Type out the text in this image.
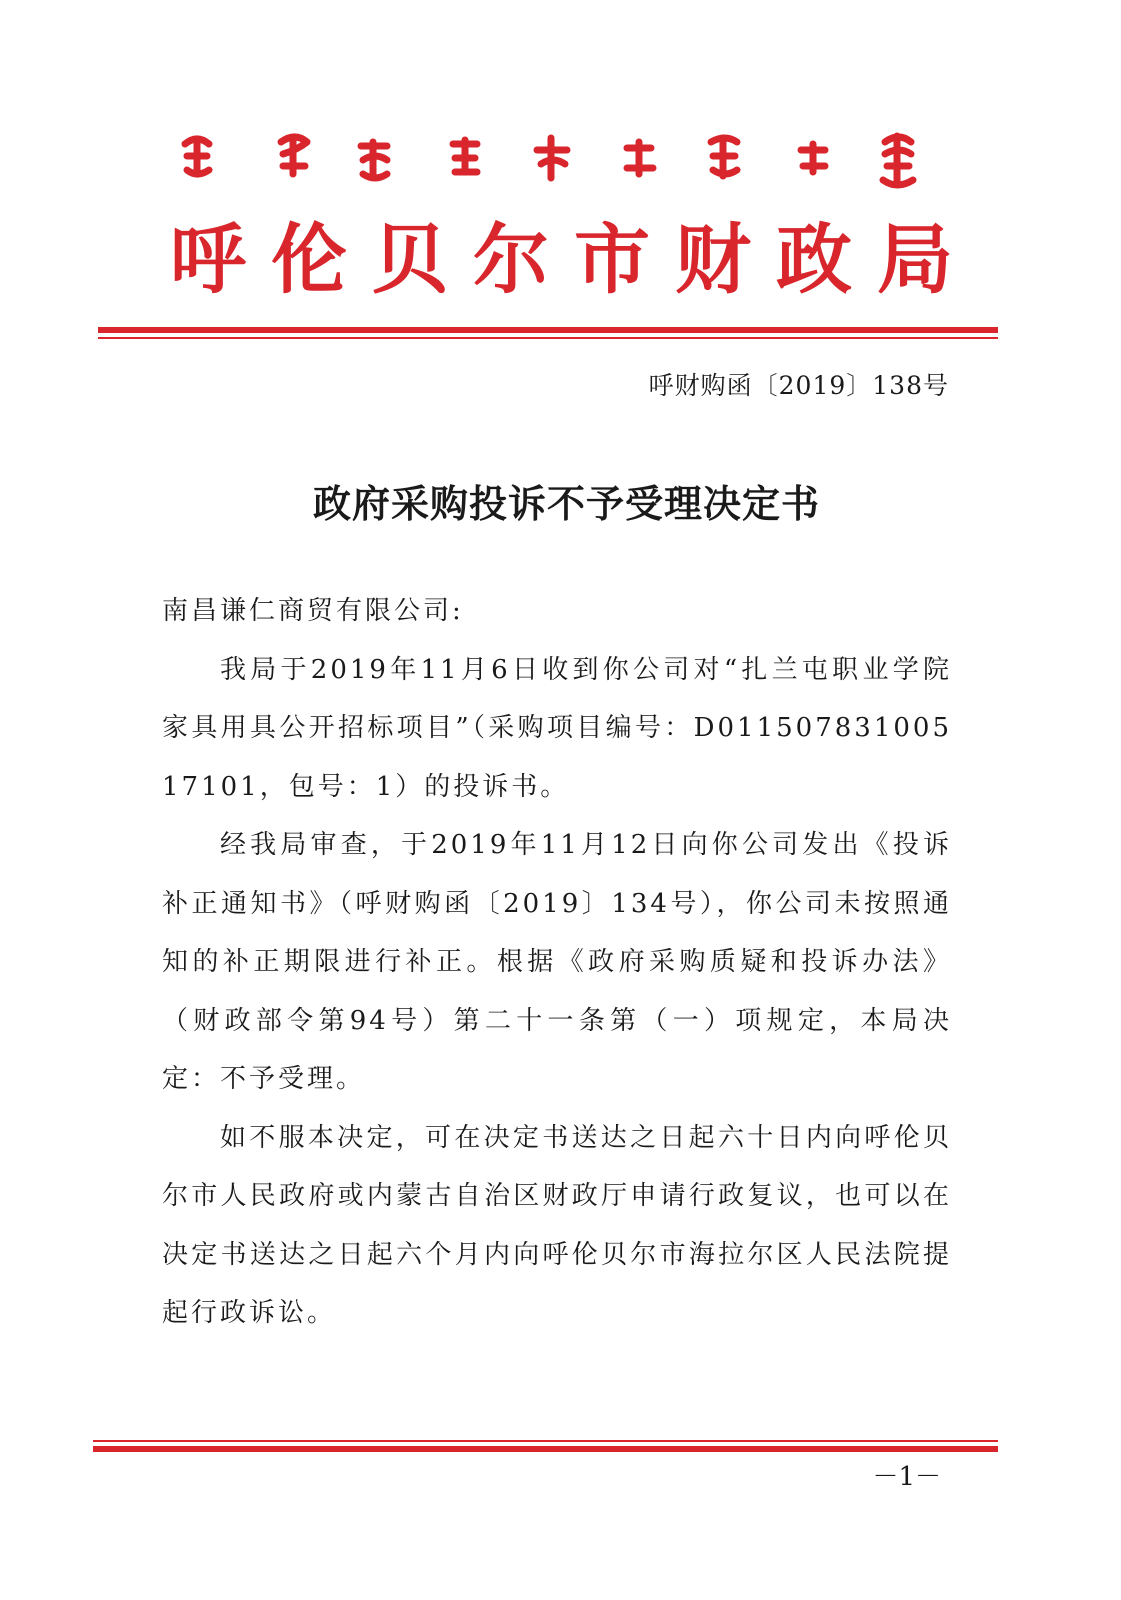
呼伦贝尔市财政局
呼财购函〔2019〕138号
政府采购投诉不予受理决定书

南昌谦仁商贸有限公司:

我局于2019年11月6日收到你公司对“扎兰屯职业学院家具用具公开招标项目”（采购项目编号：D01150783100517101，包号：1）的投诉书。

经我局审查，于2019年11月12日向你公司发出《投诉补正通知书》（呼财购函〔2019〕134号），你公司未按照通知的补正期限进行补正。根据《政府采购质疑和投诉办法》（财政部令第94号）第二十一条第（一）项规定，本局决定：不予受理。

如不服本决定，可在决定书送达之日起六十日内向呼伦贝尔市人民政府或内蒙古自治区财政厅申请行政复议，也可以在决定书送达之日起六个月内向呼伦贝尔市海拉尔区人民法院提起行政诉讼。

－1－
